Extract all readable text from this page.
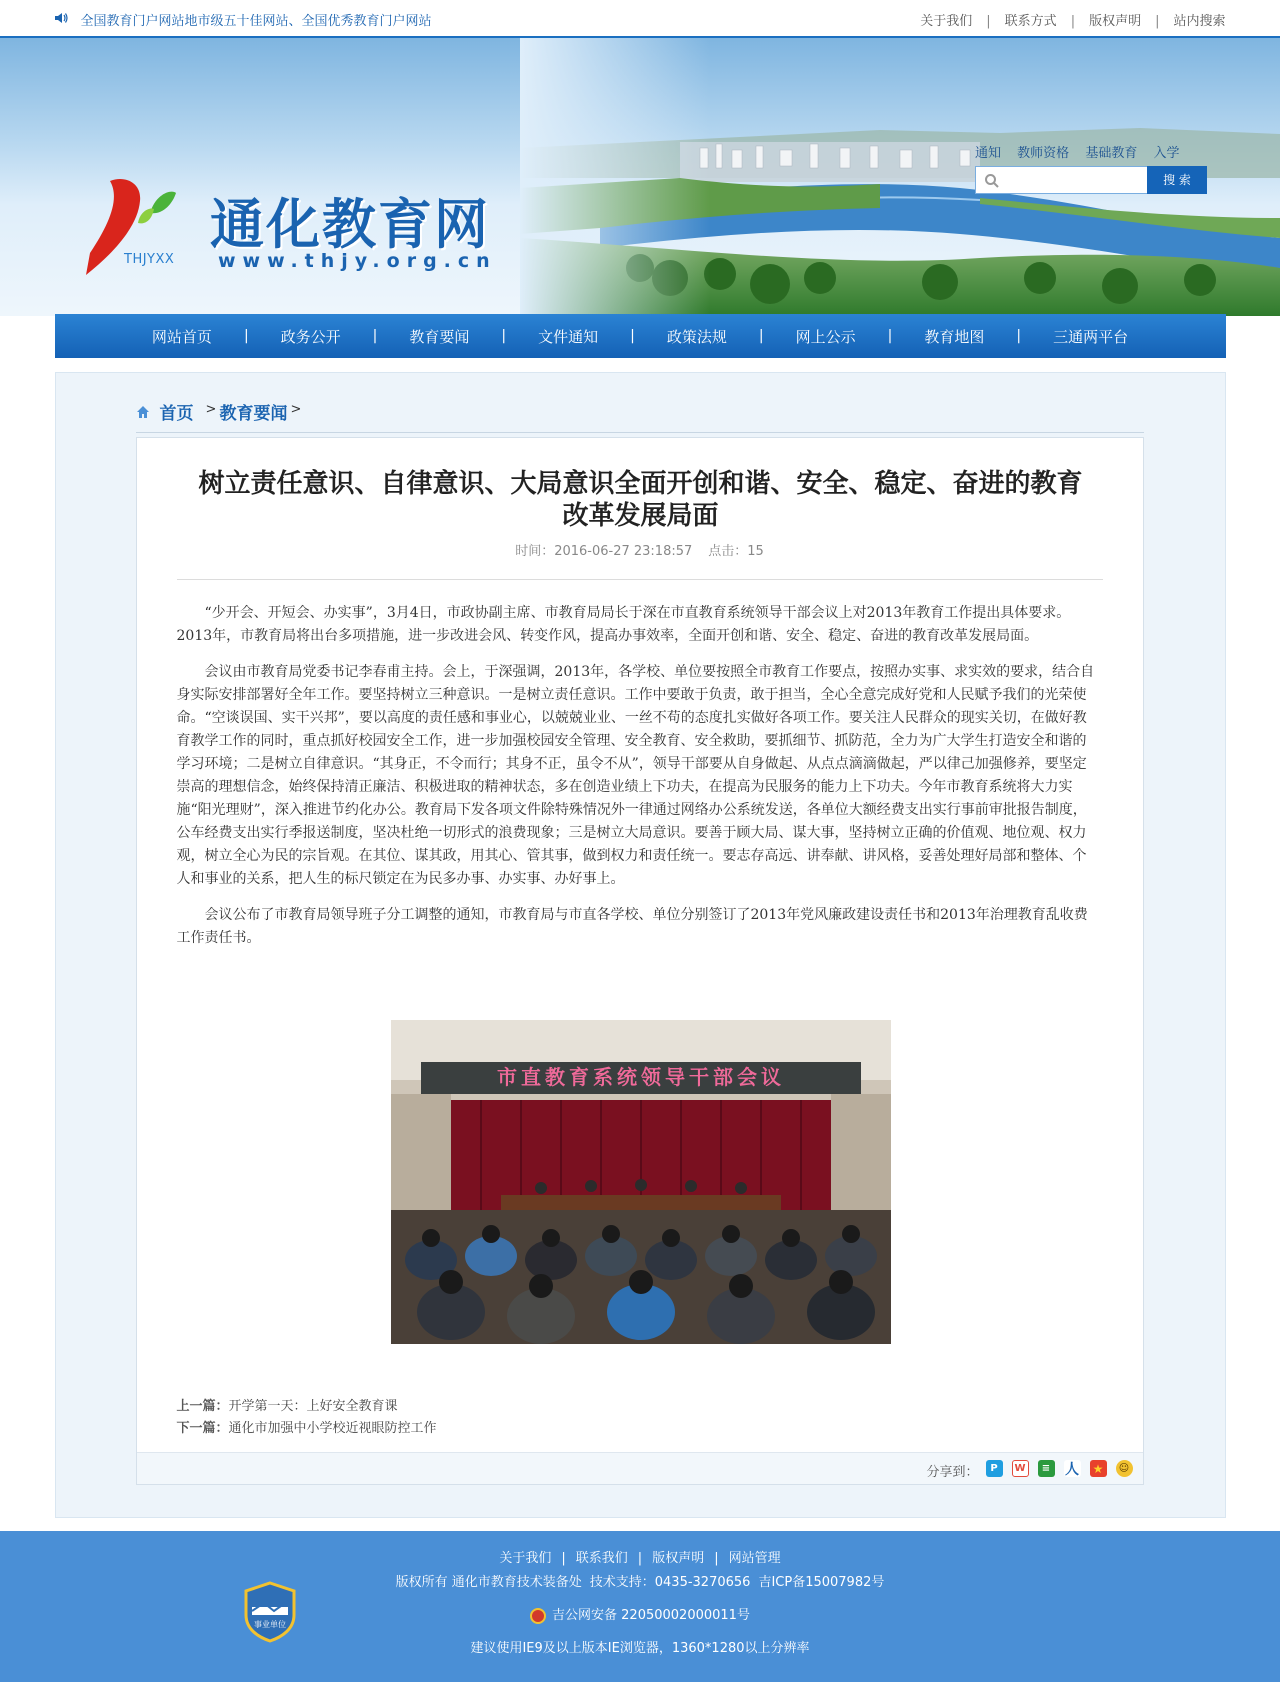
全国教育门户网站地市级五十佳网站、全国优秀教育门户网站	关于我们 | 联系方式 | 版权声明 | 站内搜索
THJYXX
通化教育网
www.thjy.org.cn
通知 教师资格 基础教育 入学
搜 索
网站首页	|	政务公开	|	教育要闻	|	文件通知	|	政策法规	|	网上公示	|	教育地图	|	三通两平台
首页 > 教育要闻 >
树立责任意识、自律意识、大局意识全面开创和谐、安全、稳定、奋进的教育改革发展局面
时间：2016-06-27 23:18:57 点击：15

“少开会、开短会、办实事”，3月4日，市政协副主席、市教育局局长于深在市直教育系统领导干部会议上对2013年教育工作提出具体要求。2013年，市教育局将出台多项措施，进一步改进会风、转变作风，提高办事效率，全面开创和谐、安全、稳定、奋进的教育改革发展局面。

会议由市教育局党委书记李春甫主持。会上，于深强调，2013年，各学校、单位要按照全市教育工作要点，按照办实事、求实效的要求，结合自身实际安排部署好全年工作。要坚持树立三种意识。一是树立责任意识。工作中要敢于负责，敢于担当，全心全意完成好党和人民赋予我们的光荣使命。“空谈误国、实干兴邦”，要以高度的责任感和事业心，以兢兢业业、一丝不苟的态度扎实做好各项工作。要关注人民群众的现实关切，在做好教育教学工作的同时，重点抓好校园安全工作，进一步加强校园安全管理、安全教育、安全救助，要抓细节、抓防范，全力为广大学生打造安全和谐的学习环境；二是树立自律意识。“其身正，不令而行；其身不正，虽令不从”，领导干部要从自身做起、从点点滴滴做起，严以律己加强修养，要坚定崇高的理想信念，始终保持清正廉洁、积极进取的精神状态，多在创造业绩上下功夫，在提高为民服务的能力上下功夫。今年市教育系统将大力实施“阳光理财”，深入推进节约化办公。教育局下发各项文件除特殊情况外一律通过网络办公系统发送，各单位大额经费支出实行事前审批报告制度，公车经费支出实行季报送制度，坚决杜绝一切形式的浪费现象；三是树立大局意识。要善于顾大局、谋大事，坚持树立正确的价值观、地位观、权力观，树立全心为民的宗旨观。在其位、谋其政，用其心、管其事，做到权力和责任统一。要志存高远、讲奉献、讲风格，妥善处理好局部和整体、个人和事业的关系，把人生的标尺锁定在为民多办事、办实事、办好事上。

会议公布了市教育局领导班子分工调整的通知，市教育局与市直各学校、单位分别签订了2013年党风廉政建设责任书和2013年治理教育乱收费工作责任书。

市直教育系统领导干部会议
上一篇：开学第一天：上好安全教育课
下一篇：通化市加强中小学校近视眼防控工作
分享到：	P	W	≡	人 ★	☺
事业单位
关于我们 | 联系我们 | 版权声明 | 网站管理
版权所有 通化市教育技术装备处 技术支持：0435-3270656 吉ICP备15007982号
吉公网安备 22050002000011号
建议使用IE9及以上版本IE浏览器，1360*1280以上分辨率
